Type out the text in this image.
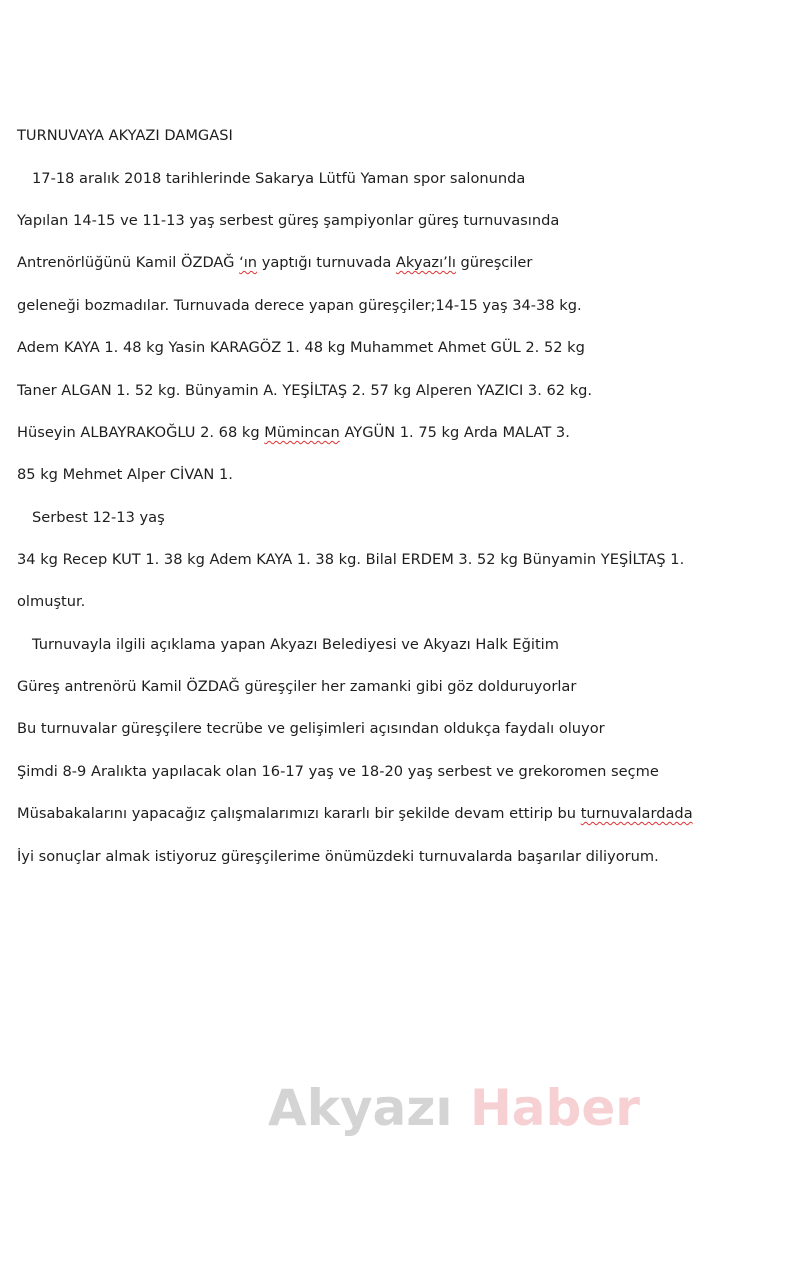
TURNUVAYA AKYAZI DAMGASI

17-18 aralık 2018 tarihlerinde Sakarya Lütfü Yaman spor salonunda

Yapılan 14-15 ve 11-13 yaş serbest güreş şampiyonlar güreş turnuvasında

Antrenörlüğünü Kamil ÖZDAĞ ‘ın yaptığı turnuvada Akyazı’lı güreşciler

geleneği bozmadılar. Turnuvada derece yapan güreşçiler;14-15 yaş 34-38 kg.

Adem KAYA 1. 48 kg Yasin KARAGÖZ 1. 48 kg Muhammet Ahmet GÜL 2. 52 kg

Taner ALGAN 1. 52 kg. Bünyamin A. YEŞİLTAŞ 2. 57 kg Alperen YAZICI 3. 62 kg.

Hüseyin ALBAYRAKOĞLU 2. 68 kg Mümincan AYGÜN 1. 75 kg Arda MALAT 3.

85 kg Mehmet Alper CİVAN 1.

Serbest 12-13 yaş

34 kg Recep KUT 1. 38 kg Adem KAYA 1. 38 kg. Bilal ERDEM 3. 52 kg Bünyamin YEŞİLTAŞ 1.

olmuştur.

Turnuvayla ilgili açıklama yapan Akyazı Belediyesi ve Akyazı Halk Eğitim

Güreş antrenörü Kamil ÖZDAĞ güreşçiler her zamanki gibi göz dolduruyorlar

Bu turnuvalar güreşçilere tecrübe ve gelişimleri açısından oldukça faydalı oluyor

Şimdi 8-9 Aralıkta yapılacak olan 16-17 yaş ve 18-20 yaş serbest ve grekoromen seçme

Müsabakalarını yapacağız çalışmalarımızı kararlı bir şekilde devam ettirip bu turnuvalardada

İyi sonuçlar almak istiyoruz güreşçilerime önümüzdeki turnuvalarda başarılar diliyorum.

Akyazı Haber
